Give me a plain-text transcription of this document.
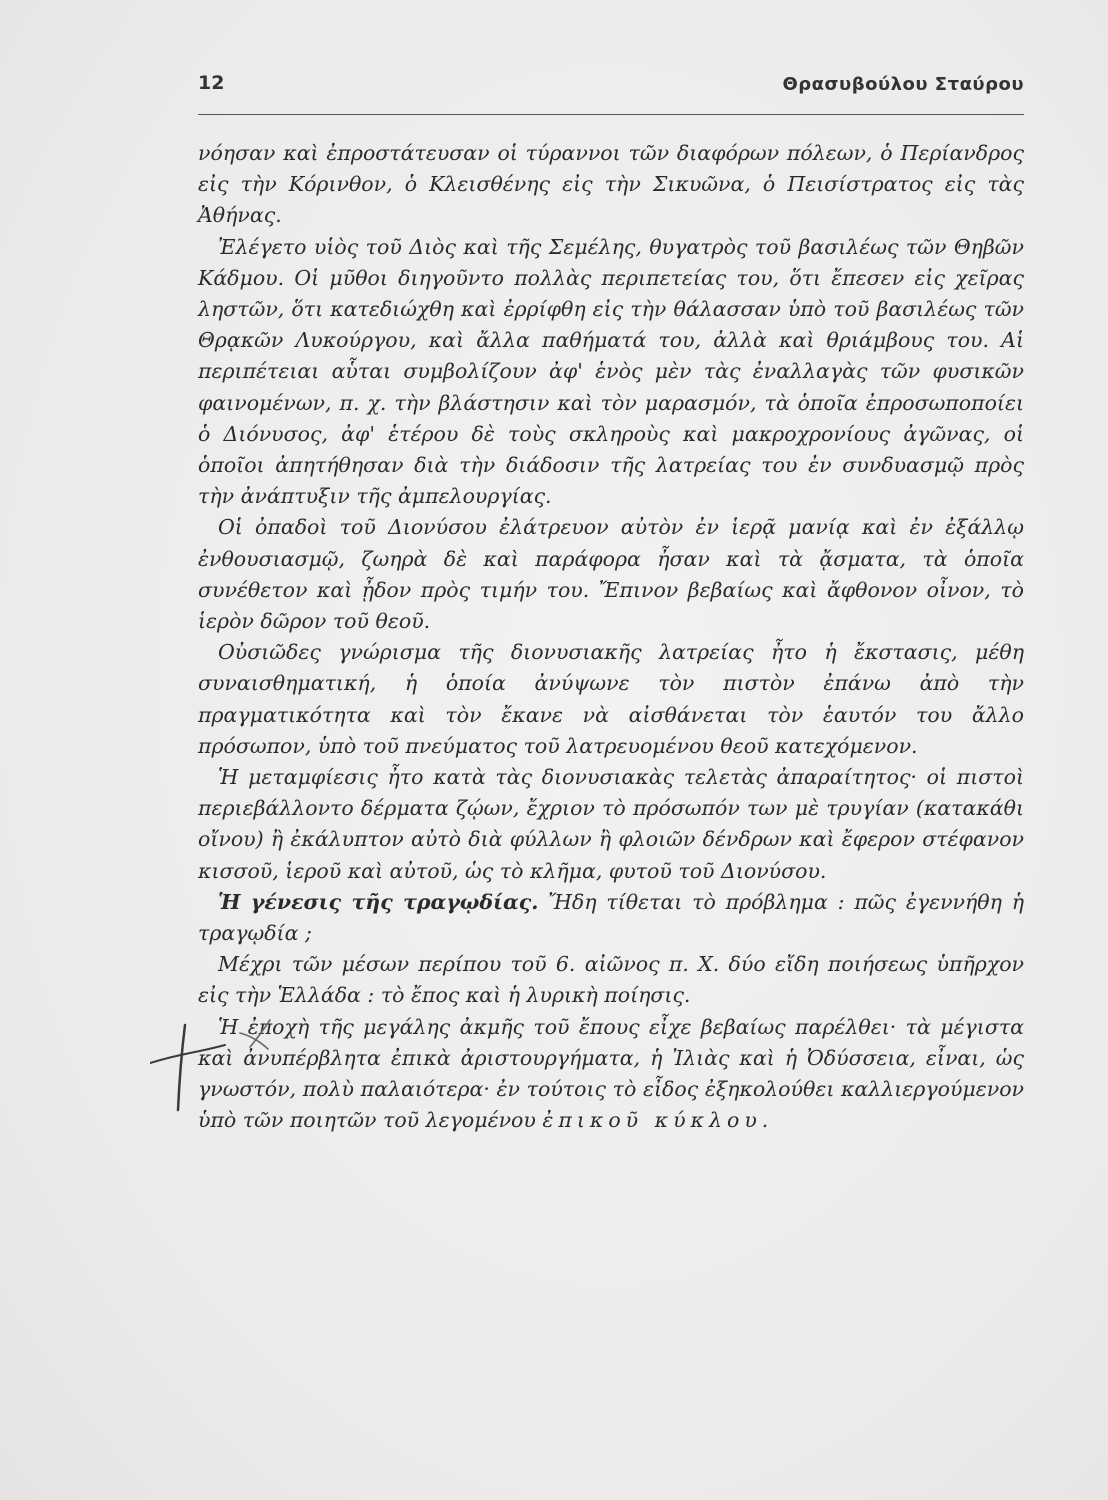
12	Θρασυβούλου Σταύρου

νόησαν καὶ ἐπροστάτευσαν οἱ τύραννοι τῶν διαφόρων πόλεων, ὁ Περίανδρος εἰς τὴν Κόρινθον, ὁ Κλεισθένης εἰς τὴν Σικυῶνα, ὁ Πεισίστρατος εἰς τὰς Ἀθήνας.

Ἐλέγετο υἱὸς τοῦ Διὸς καὶ τῆς Σεμέλης, θυγατρὸς τοῦ βασιλέως τῶν Θηβῶν Κάδμου. Οἱ μῦθοι διηγοῦντο πολλὰς περιπετείας του, ὅτι ἔπεσεν εἰς χεῖρας ληστῶν, ὅτι κατεδιώχθη καὶ ἐρρίφθη εἰς τὴν θάλασσαν ὑπὸ τοῦ βασιλέως τῶν Θρᾳκῶν Λυκούργου, καὶ ἄλλα παθήματά του, ἀλλὰ καὶ θριάμβους του. Αἱ περιπέτειαι αὗται συμβολίζουν ἀφ' ἑνὸς μὲν τὰς ἐναλλαγὰς τῶν φυσικῶν φαινομένων, π. χ. τὴν βλάστησιν καὶ τὸν μαρασμόν, τὰ ὁποῖα ἐπροσωποποίει ὁ Διόνυσος, ἀφ' ἑτέρου δὲ τοὺς σκληροὺς καὶ μακροχρονίους ἀγῶνας, οἱ ὁποῖοι ἀπητήθησαν διὰ τὴν διάδοσιν τῆς λατρείας του ἐν συνδυασμῷ πρὸς τὴν ἀνάπτυξιν τῆς ἀμπελουργίας.

Οἱ ὀπαδοὶ τοῦ Διονύσου ἐλάτρευον αὐτὸν ἐν ἱερᾷ μανίᾳ καὶ ἐν ἐξάλλῳ ἐνθουσιασμῷ, ζωηρὰ δὲ καὶ παράφορα ἦσαν καὶ τὰ ᾄσματα, τὰ ὁποῖα συνέθετον καὶ ᾖδον πρὸς τιμήν του. Ἔπινον βεβαίως καὶ ἄφθονον οἶνον, τὸ ἱερὸν δῶρον τοῦ θεοῦ.

Οὐσιῶδες γνώρισμα τῆς διονυσιακῆς λατρείας ἦτο ἡ ἔκστασις, μέθη συναισθηματική, ἡ ὁποία ἀνύψωνε τὸν πιστὸν ἐπάνω ἀπὸ τὴν πραγματικότητα καὶ τὸν ἔκανε νὰ αἰσθάνεται τὸν ἑαυτόν του ἄλλο πρόσωπον, ὑπὸ τοῦ πνεύματος τοῦ λατρευομένου θεοῦ κατεχόμενον.

Ἡ μεταμφίεσις ἦτο κατὰ τὰς διονυσιακὰς τελετὰς ἀπαραίτητος· οἱ πιστοὶ περιεβάλλοντο δέρματα ζῴων, ἔχριον τὸ πρόσωπόν των μὲ τρυγίαν (κατακάθι οἴνου) ἢ ἐκάλυπτον αὐτὸ διὰ φύλλων ἢ φλοιῶν δένδρων καὶ ἔφερον στέφανον κισσοῦ, ἱεροῦ καὶ αὐτοῦ, ὡς τὸ κλῆμα, φυτοῦ τοῦ Διονύσου.

Ἡ γένεσις τῆς τραγῳδίας. Ἤδη τίθεται τὸ πρόβλημα : πῶς ἐγεννήθη ἡ τραγῳδία ;

Μέχρι τῶν μέσων περίπου τοῦ 6. αἰῶνος π. Χ. δύο εἴδη ποιήσεως ὑπῆρχον εἰς τὴν Ἑλλάδα : τὸ ἔπος καὶ ἡ λυρικὴ ποίησις.

Ἡ ἐποχὴ τῆς μεγάλης ἀκμῆς τοῦ ἔπους εἶχε βεβαίως παρέλθει· τὰ μέγιστα καὶ ἀνυπέρβλητα ἐπικὰ ἀριστουργήματα, ἡ Ἰλιὰς καὶ ἡ Ὀδύσσεια, εἶναι, ὡς γνωστόν, πολὺ παλαιότερα· ἐν τούτοις τὸ εἶδος ἐξηκολούθει καλλιεργούμενον ὑπὸ τῶν ποιητῶν τοῦ λεγομένου ἐπικοῦ κύκλου.
